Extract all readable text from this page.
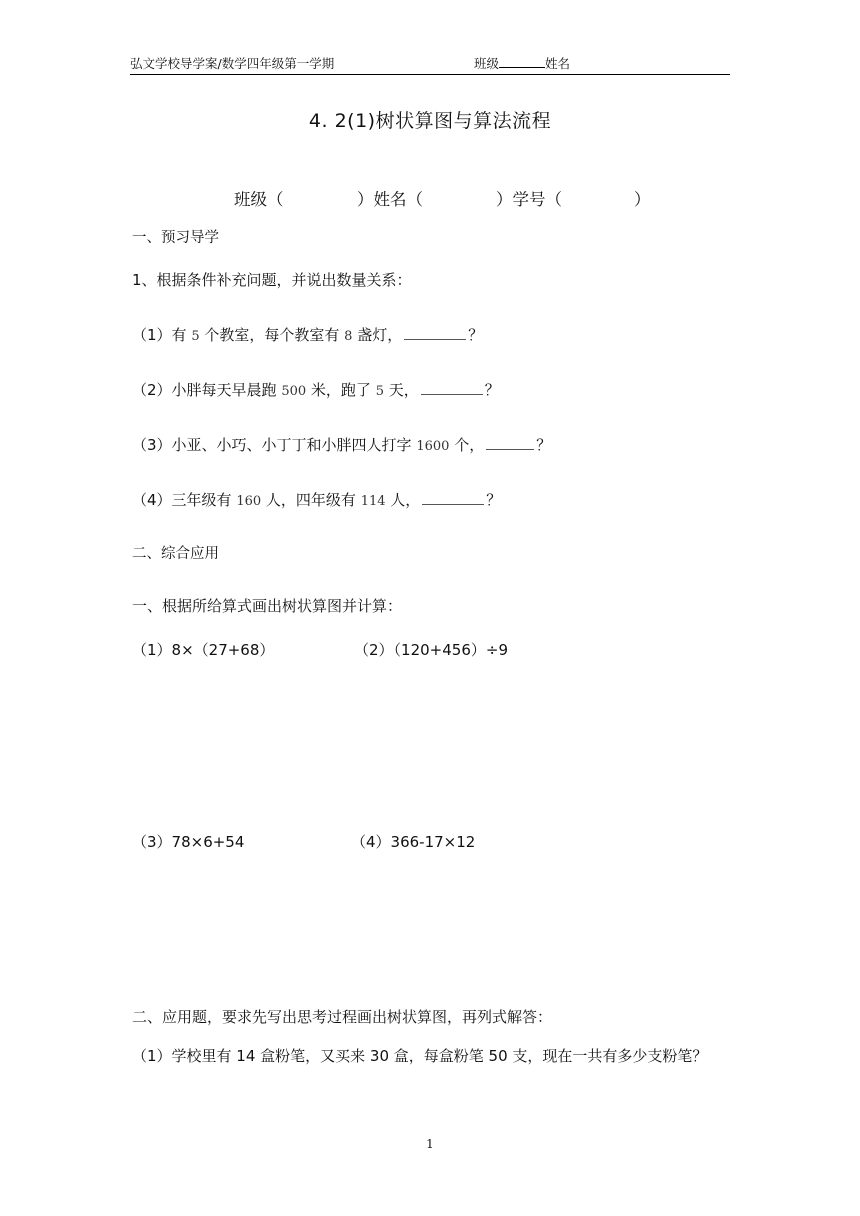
弘文学校导学案/数学四年级第一学期	班级	姓名
4. 2(1)树状算图与算法流程
班级（	）姓名（	）学号（	）
一、预习导学
1、根据条件补充问题，并说出数量关系：
（1）有 5 个教室，每个教室有 8 盏灯，	？
（2）小胖每天早晨跑 500 米，跑了 5 天，	？
（3）小亚、小巧、小丁丁和小胖四人打字 1600 个，	？
（4）三年级有 160 人，四年级有 114 人，	？
二、综合应用
一、根据所给算式画出树状算图并计算：
（1）8×（27+68）	（2）（120+456）÷9
（3）78×6+54	（4）366-17×12
二、应用题，要求先写出思考过程画出树状算图，再列式解答：
（1）学校里有 14 盒粉笔，又买来 30 盒，每盒粉笔 50 支，现在一共有多少支粉笔？
1
